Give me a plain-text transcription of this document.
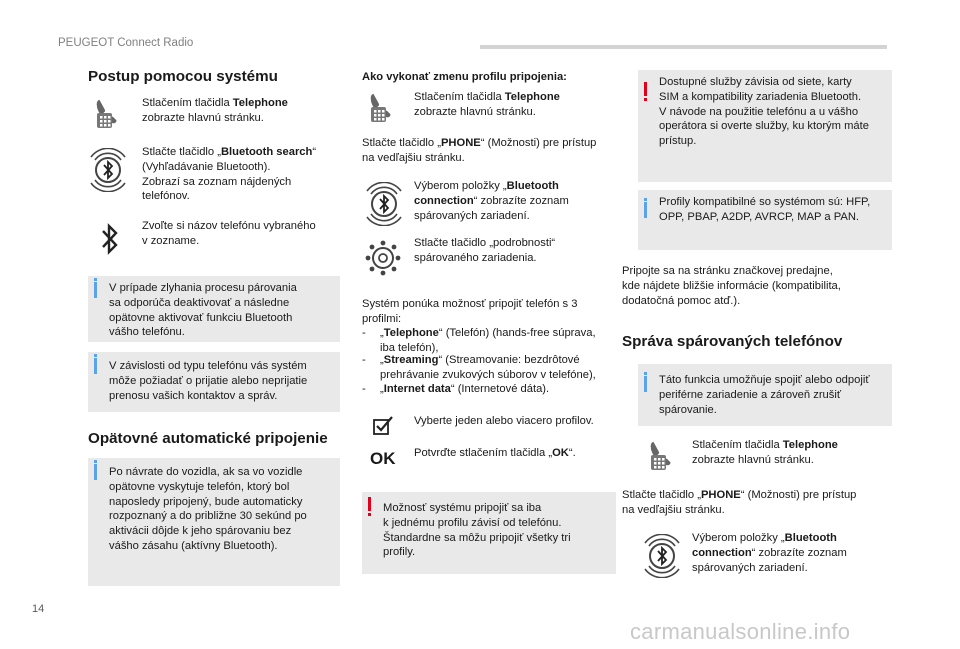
PEUGEOT Connect Radio
Postup pomocou systému
Stlačením tlačidla Telephone
zobrazte hlavnú stránku.
Stlačte tlačidlo „Bluetooth search“
(Vyhľadávanie Bluetooth).
Zobrazí sa zoznam nájdených
telefónov.
Zvoľte si názov telefónu vybraného
v zozname.
V prípade zlyhania procesu párovania
sa odporúča deaktivovať a následne
opätovne aktivovať funkciu Bluetooth
vášho telefónu.
V závislosti od typu telefónu vás systém
môže požiadať o prijatie alebo neprijatie
prenosu vašich kontaktov a správ.
Opätovné automatické pripojenie
Po návrate do vozidla, ak sa vo vozidle
opätovne vyskytuje telefón, ktorý bol
naposledy pripojený, bude automaticky
rozpoznaný a do približne 30 sekúnd po
aktivácii dôjde k jeho spárovaniu bez
vášho zásahu (aktívny Bluetooth).
Ako vykonať zmenu profilu pripojenia:
Stlačením tlačidla Telephone
zobrazte hlavnú stránku.
Stlačte tlačidlo „PHONE“ (Možnosti) pre prístup
na vedľajšiu stránku.
Výberom položky „Bluetooth
connection“ zobrazíte zoznam
spárovaných zariadení.
Stlačte tlačidlo „podrobnosti“
spárovaného zariadenia.
Systém ponúka možnosť pripojiť telefón s 3
profilmi:
- „Telephone“ (Telefón) (hands-free súprava,
iba telefón),
- „Streaming“ (Streamovanie: bezdrôtové
prehrávanie zvukových súborov v telefóne),
- „Internet data“ (Internetové dáta).
Vyberte jeden alebo viacero profilov.
OK Potvrďte stlačením tlačidla „OK“.
Možnosť systému pripojiť sa iba
k jednému profilu závisí od telefónu.
Štandardne sa môžu pripojiť všetky tri
profily.
Dostupné služby závisia od siete, karty
SIM a kompatibility zariadenia Bluetooth.
V návode na použitie telefónu a u vášho
operátora si overte služby, ku ktorým máte
prístup.
Profily kompatibilné so systémom sú: HFP,
OPP, PBAP, A2DP, AVRCP, MAP a PAN.
Pripojte sa na stránku značkovej predajne,
kde nájdete bližšie informácie (kompatibilita,
dodatočná pomoc atď.).
Správa spárovaných telefónov
Táto funkcia umožňuje spojiť alebo odpojiť
periférne zariadenie a zároveň zrušiť
spárovanie.
Stlačením tlačidla Telephone
zobrazte hlavnú stránku.
Stlačte tlačidlo „PHONE“ (Možnosti) pre prístup
na vedľajšiu stránku.
Výberom položky „Bluetooth
connection“ zobrazíte zoznam
spárovaných zariadení.
14
carmanualsonline.info
